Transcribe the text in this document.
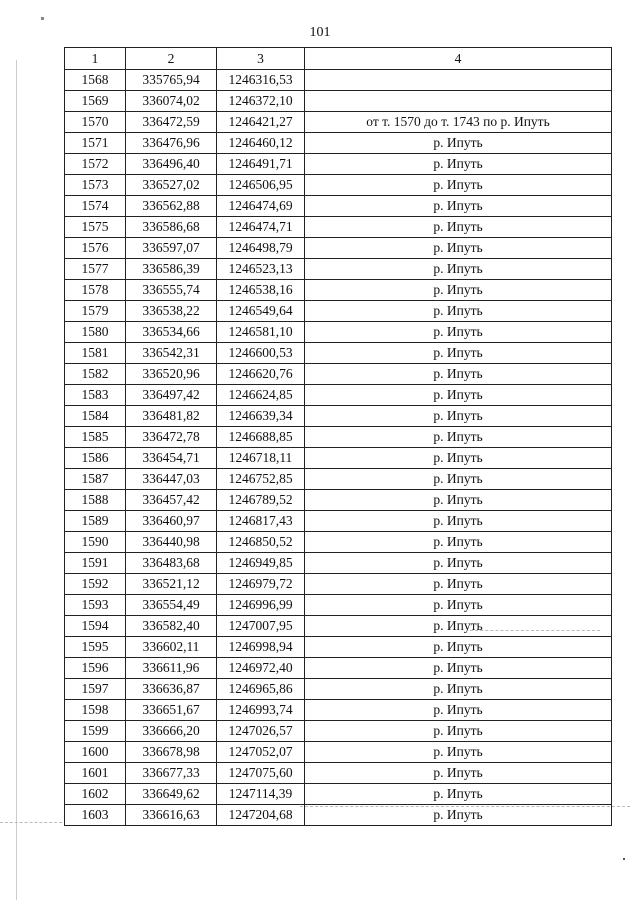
101
1	2	3	4
1568	335765,94	1246316,53	
1569	336074,02	1246372,10	
1570	336472,59	1246421,27	от т. 1570 до т. 1743 по р. Ипуть
1571	336476,96	1246460,12	р. Ипуть
1572	336496,40	1246491,71	р. Ипуть
1573	336527,02	1246506,95	р. Ипуть
1574	336562,88	1246474,69	р. Ипуть
1575	336586,68	1246474,71	р. Ипуть
1576	336597,07	1246498,79	р. Ипуть
1577	336586,39	1246523,13	р. Ипуть
1578	336555,74	1246538,16	р. Ипуть
1579	336538,22	1246549,64	р. Ипуть
1580	336534,66	1246581,10	р. Ипуть
1581	336542,31	1246600,53	р. Ипуть
1582	336520,96	1246620,76	р. Ипуть
1583	336497,42	1246624,85	р. Ипуть
1584	336481,82	1246639,34	р. Ипуть
1585	336472,78	1246688,85	р. Ипуть
1586	336454,71	1246718,11	р. Ипуть
1587	336447,03	1246752,85	р. Ипуть
1588	336457,42	1246789,52	р. Ипуть
1589	336460,97	1246817,43	р. Ипуть
1590	336440,98	1246850,52	р. Ипуть
1591	336483,68	1246949,85	р. Ипуть
1592	336521,12	1246979,72	р. Ипуть
1593	336554,49	1246996,99	р. Ипуть
1594	336582,40	1247007,95	р. Ипуть
1595	336602,11	1246998,94	р. Ипуть
1596	336611,96	1246972,40	р. Ипуть
1597	336636,87	1246965,86	р. Ипуть
1598	336651,67	1246993,74	р. Ипуть
1599	336666,20	1247026,57	р. Ипуть
1600	336678,98	1247052,07	р. Ипуть
1601	336677,33	1247075,60	р. Ипуть
1602	336649,62	1247114,39	р. Ипуть
1603	336616,63	1247204,68	р. Ипуть
